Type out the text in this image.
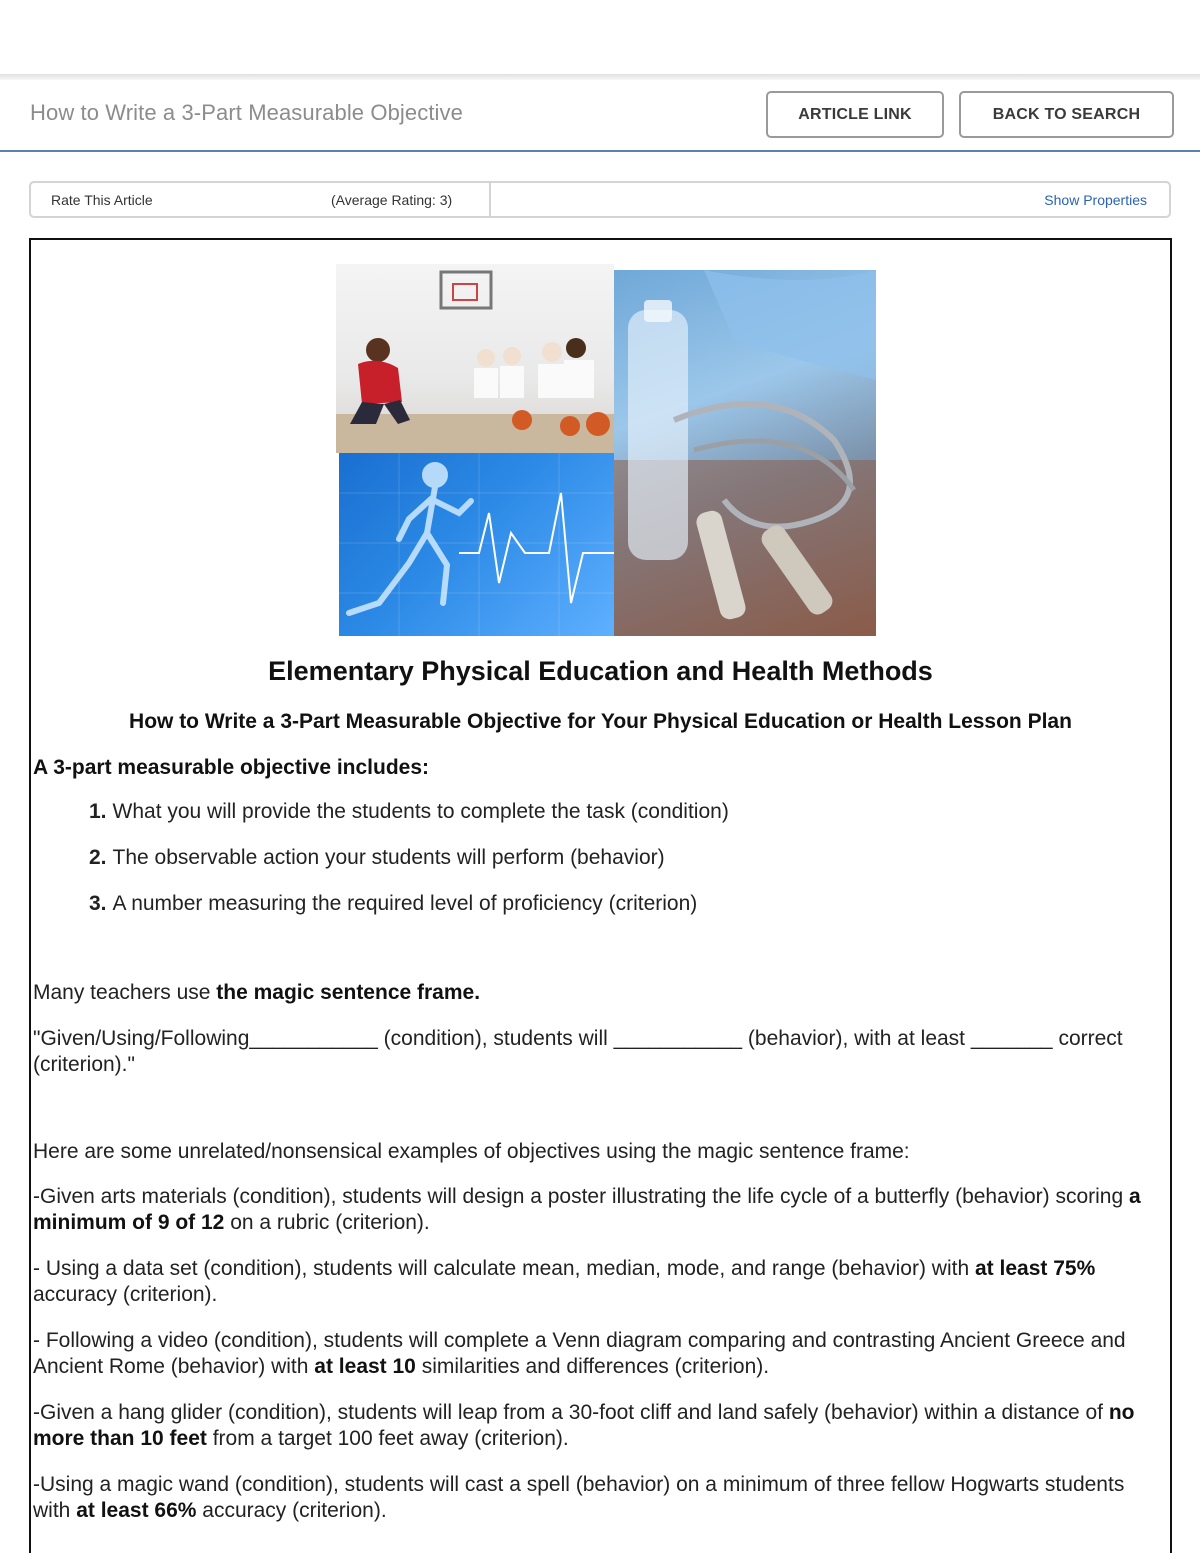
How to Write a 3-Part Measurable Objective	ARTICLE LINK	BACK TO SEARCH
Rate This Article	(Average Rating: 3)	Show Properties
Elementary Physical Education and Health Methods
How to Write a 3-Part Measurable Objective for Your Physical Education or Health Lesson Plan
A 3-part measurable objective includes:
1. What you will provide the students to complete the task (condition)
2. The observable action your students will perform (behavior)
3. A number measuring the required level of proficiency (criterion)
Many teachers use the magic sentence frame.
"Given/Using/Following___________ (condition), students will ___________ (behavior), with at least _______ correct (criterion)."
Here are some unrelated/nonsensical examples of objectives using the magic sentence frame:
-Given arts materials (condition), students will design a poster illustrating the life cycle of a butterfly (behavior) scoring a minimum of 9 of 12 on a rubric (criterion).
- Using a data set (condition), students will calculate mean, median, mode, and range (behavior) with at least 75% accuracy (criterion).
- Following a video (condition), students will complete a Venn diagram comparing and contrasting Ancient Greece and Ancient Rome (behavior) with at least 10 similarities and differences (criterion).
-Given a hang glider (condition), students will leap from a 30-foot cliff and land safely (behavior) within a distance of no more than 10 feet from a target 100 feet away (criterion).
-Using a magic wand (condition), students will cast a spell (behavior) on a minimum of three fellow Hogwarts students with at least 66% accuracy (criterion).
